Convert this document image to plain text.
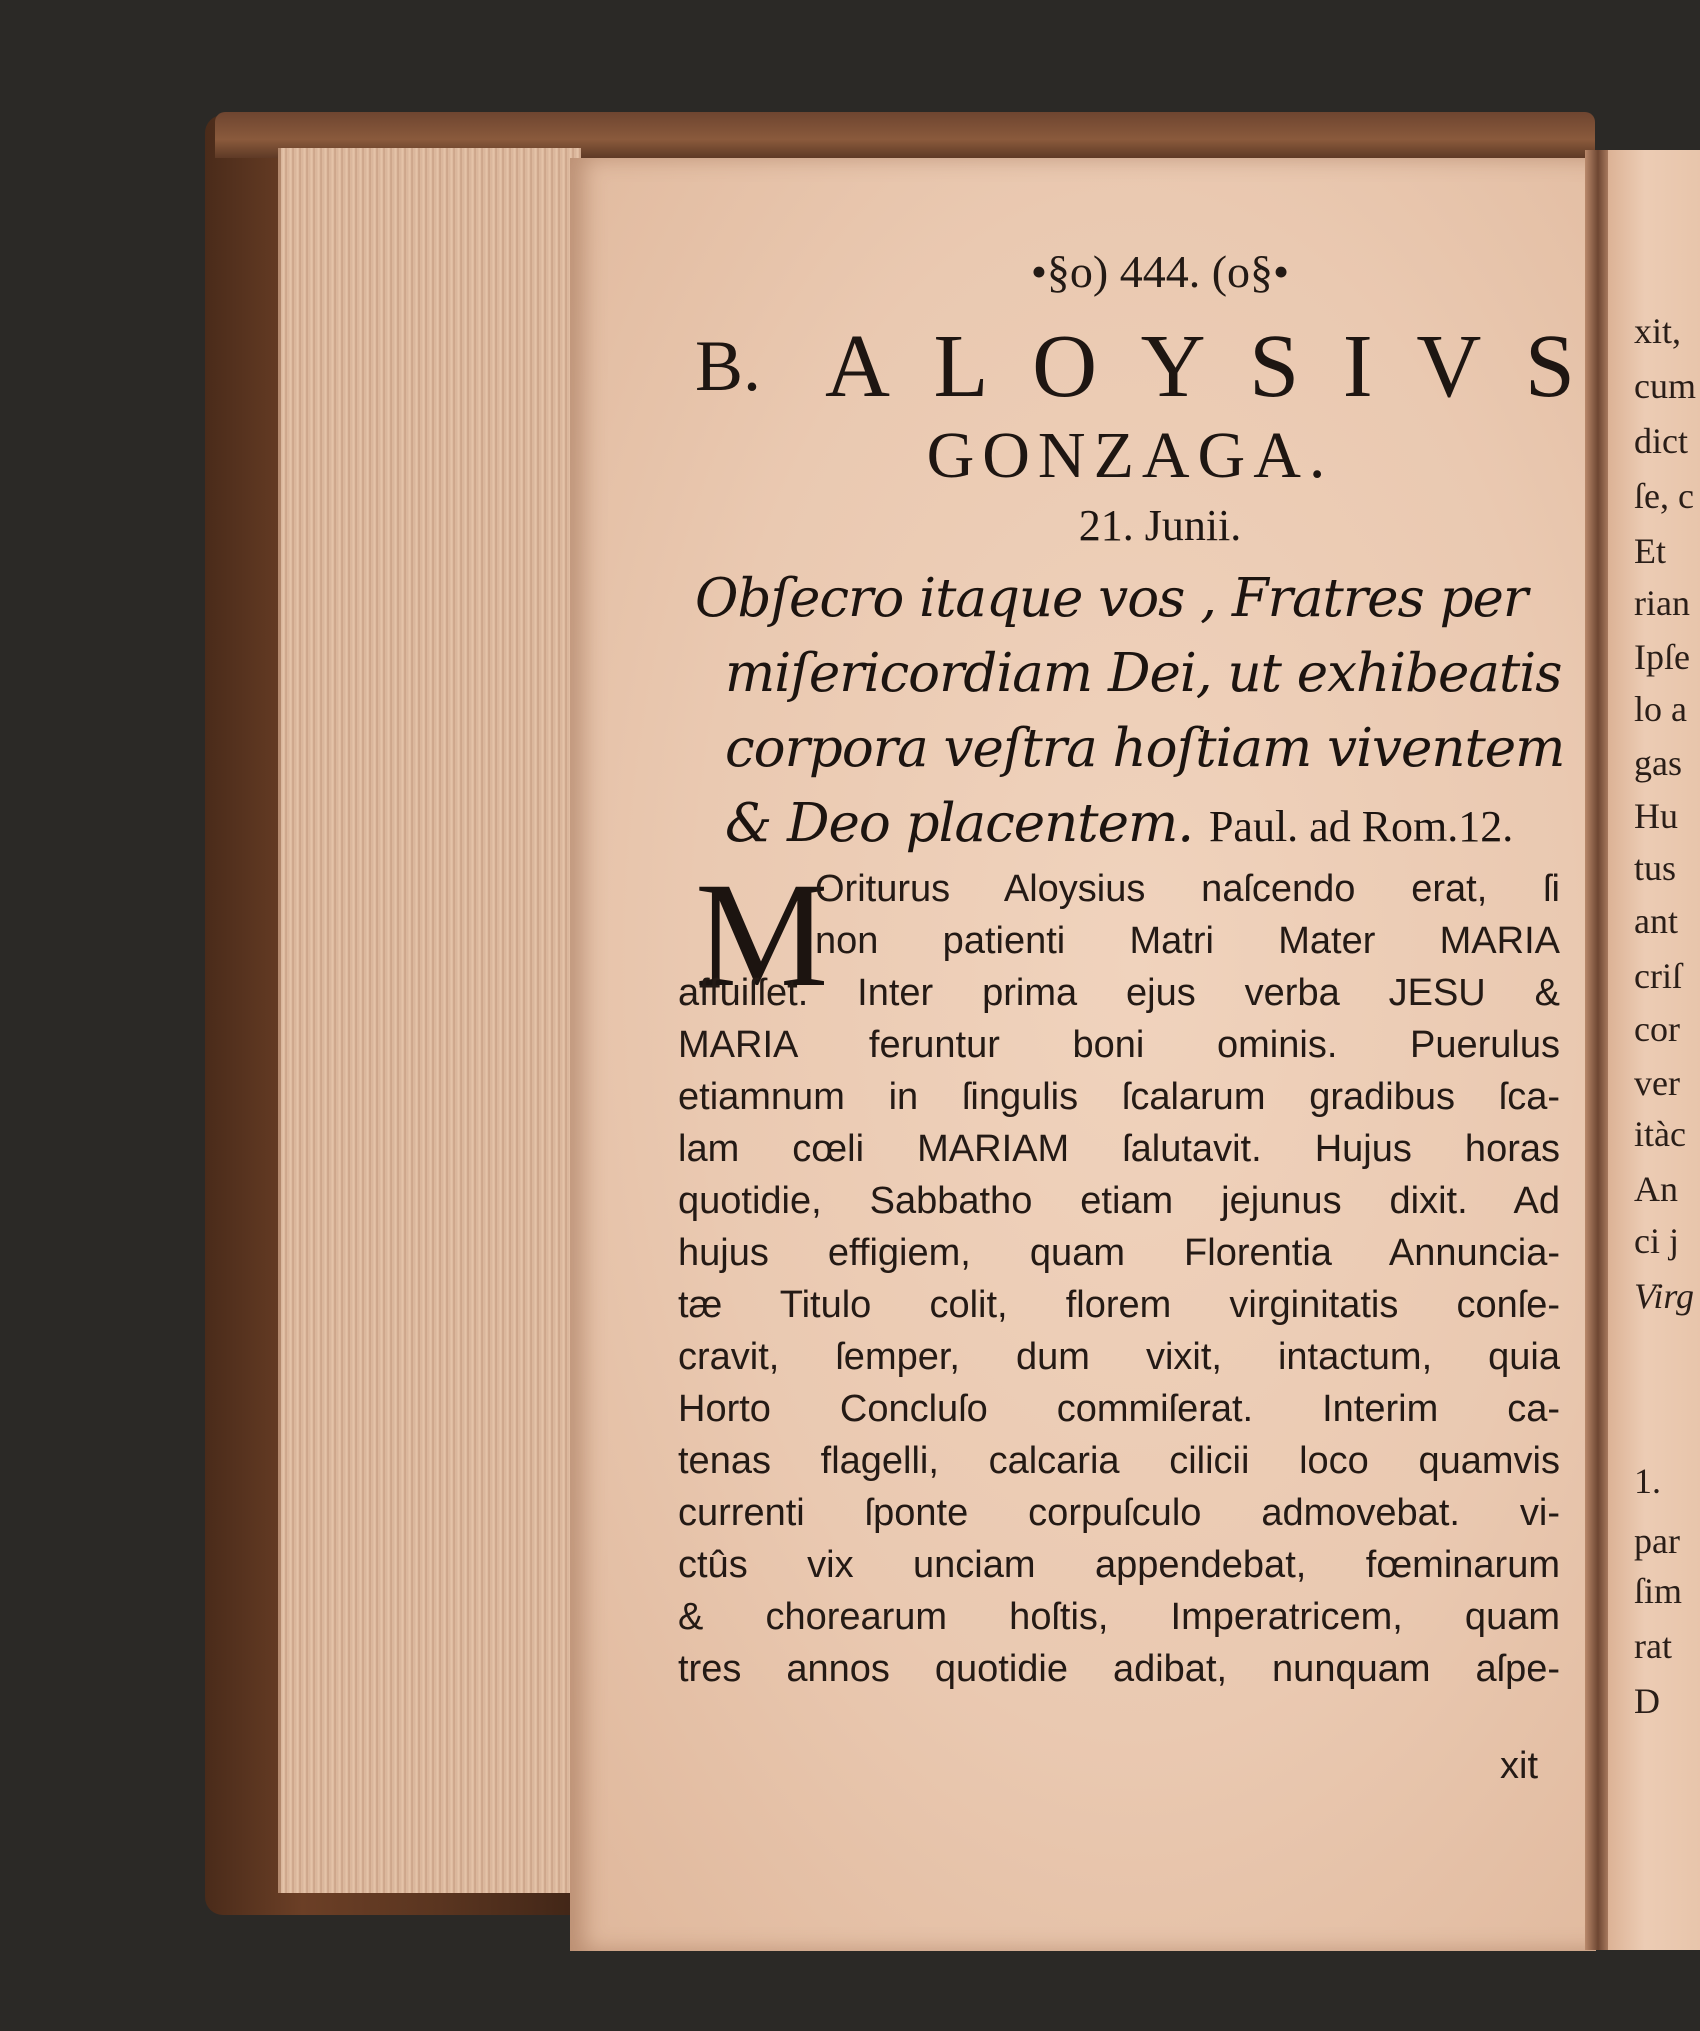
xit,
cum
dict
ſe, c
Et
rian
Ipſe
lo a
gas
Hu
tus
ant
criſ
cor
ver
itàc
An
ci j
Virg
1.
par
ſim
rat
D
•§o) 444. (o§•
B. A L O Y S I V S
GONZAGA.
21. Junii.
Obſecro itaque vos , Fratres per
miſericordiam Dei, ut exhibeatis
corpora veſtra hoſtiam viventem
& Deo placentem. Paul. ad Rom.12.
M
Oriturus Aloysius naſcendo erat, ſi
non patienti Matri Mater MARIA
affuiſſet. Inter prima ejus verba JESU &
MARIA feruntur boni ominis. Puerulus
etiamnum in ſingulis ſcalarum gradibus ſca-
lam cœli MARIAM ſalutavit. Hujus horas
quotidie, Sabbatho etiam jejunus dixit. Ad
hujus effigiem, quam Florentia Annuncia-
tæ Titulo colit, florem virginitatis conſe-
cravit, ſemper, dum vixit, intactum, quia
Horto Concluſo commiſerat. Interim ca-
tenas flagelli, calcaria cilicii loco quamvis
currenti ſponte corpuſculo admovebat. vi-
ctûs vix unciam appendebat, fœminarum
& chorearum hoſtis, Imperatricem, quam
tres annos quotidie adibat, nunquam aſpe-
xit
